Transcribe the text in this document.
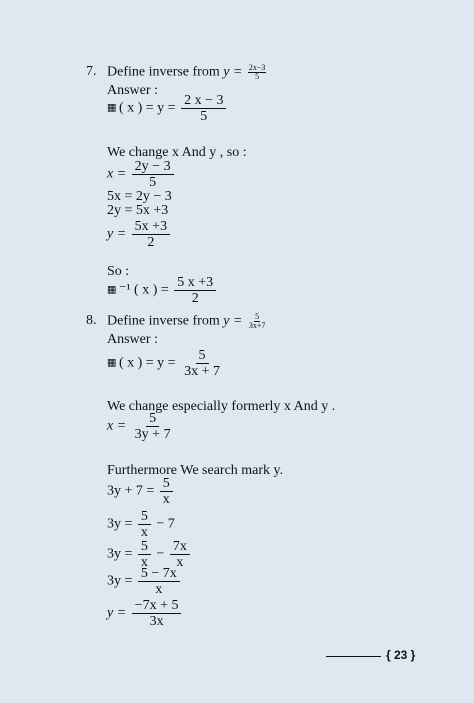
7. Define inverse from $y = \frac{2x-3}{5}$
Answer :
▦ ( x ) = $y = \frac{2 x - 3}{5}$
We change x And y , so :
$x = \frac{2y - 3}{5}$
5x = 2y − 3
2y = 5x +3
$y = \frac{5x +3}{2}$
So :
▦ ⁻¹ ( x ) = $\frac{5 x +3}{2}$
8. Define inverse from $y = \frac{5}{3x+7}$
Answer :
▦ ( x ) = $y = \frac{5}{3x + 7}$
We change especially formerly x And y .
$x = \frac{5}{3y + 7}$
Furthermore We search mark y.
$3y + 7 = \frac{5}{x}$
$3y = \frac{5}{x} - 7$
$3y = \frac{5}{x} - \frac{7x}{x}$
$3y = \frac{5 - 7x}{x}$
$y = \frac{-7x + 5}{3x}$
{ 23 }
